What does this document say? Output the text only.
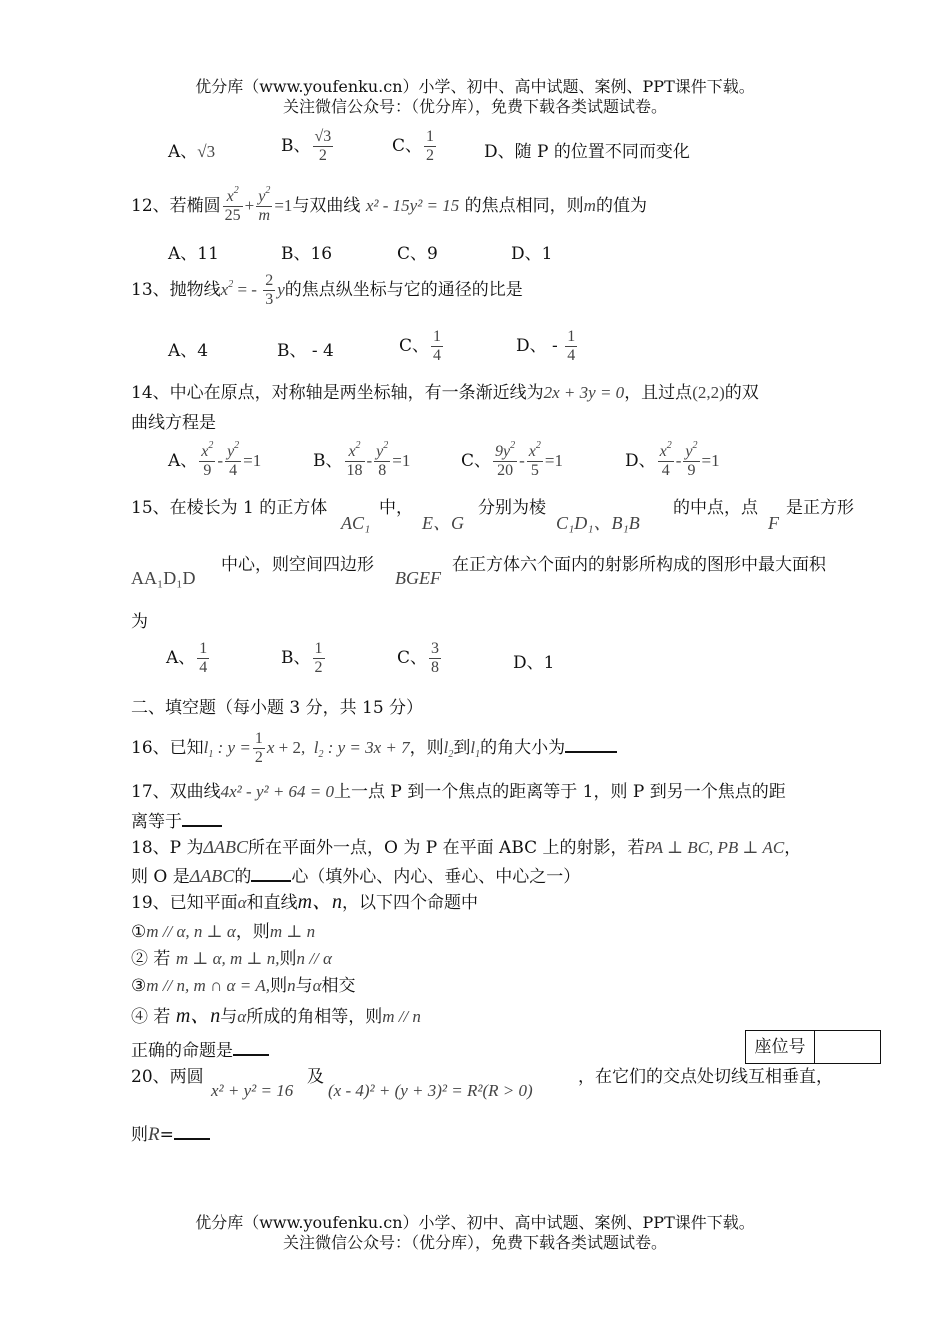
优分库（www.youfenku.cn）小学、初中、高中试题、案例、PPT课件下载。
关注微信公众号：（优分库），免费下载各类试题试卷。
A、√3	B、 $\frac{√3}{2}$	C、 $\frac{1}{2}$	D、随 P 的位置不同而变化
12、若椭圆 $\frac{x^2}{25} + \frac{y^2}{m} =1$与双曲线 x² - 15y² = 15 的焦点相同，则m的值为
A、11	B、16	C、9	D、1
13、抛物线$x^2$ = - $\frac{2}{3}$ y的焦点纵坐标与它的通径的比是
A、4	B、 - 4	C、 $\frac{1}{4}$	D、 - $\frac{1}{4}$
14、中心在原点，对称轴是两坐标轴，有一条渐近线为2x + 3y = 0，且过点(2,2)的双
曲线方程是
A、 $\frac{x^2}{9} - \frac{y^2}{4} =1$	B、 $\frac{x^2}{18} - \frac{y^2}{8} =1$	C、 $\frac{9y^2}{20} - \frac{x^2}{5} =1$	D、 $\frac{x^2}{4} - \frac{y^2}{9} =1$
15、在棱长为 1 的正方体
AC₁
中，
E、G
分别为棱
C₁D₁、B₁B
的中点，点
F
是正方形
AA₁D₁D
中心，则空间四边形
BGEF
在正方体六个面内的射影所构成的图形中最大面积
为
A、 $\frac{1}{4}$	B、 $\frac{1}{2}$	C、 $\frac{3}{8}$	D、1
二、填空题（每小题 3 分，共 15 分）
16、已知$l_1$ : $y = \frac{1}{2}$ x + 2,  $l_2$ : y = 3x + 7，则$l_2$到$l_1$的角大小为
17、双曲线4x² - y² + 64 = 0上一点 P 到一个焦点的距离等于 1，则 P 到另一个焦点的距
离等于
18、P 为ΔABC所在平面外一点，O 为 P 在平面 ABC 上的射影，若PA ⊥ BC, PB ⊥ AC，
则 O 是ΔABC的 心（填外心、内心、垂心、中心之一）
19、已知平面α和直线m、n，以下四个命题中
①m // α, n ⊥ α，则m ⊥ n
② 若 m ⊥ α, m ⊥ n,则n // α
③m // n, m ∩ α = A,则n与α相交
④ 若 m、n与α所成的角相等，则m // n
正确的命题是	座位号
20、两圆
x² + y² = 16
及
(x - 4)² + (y + 3)² = R²(R > 0)
，在它们的交点处切线互相垂直，
则R=
优分库（www.youfenku.cn）小学、初中、高中试题、案例、PPT课件下载。
关注微信公众号：（优分库），免费下载各类试题试卷。
